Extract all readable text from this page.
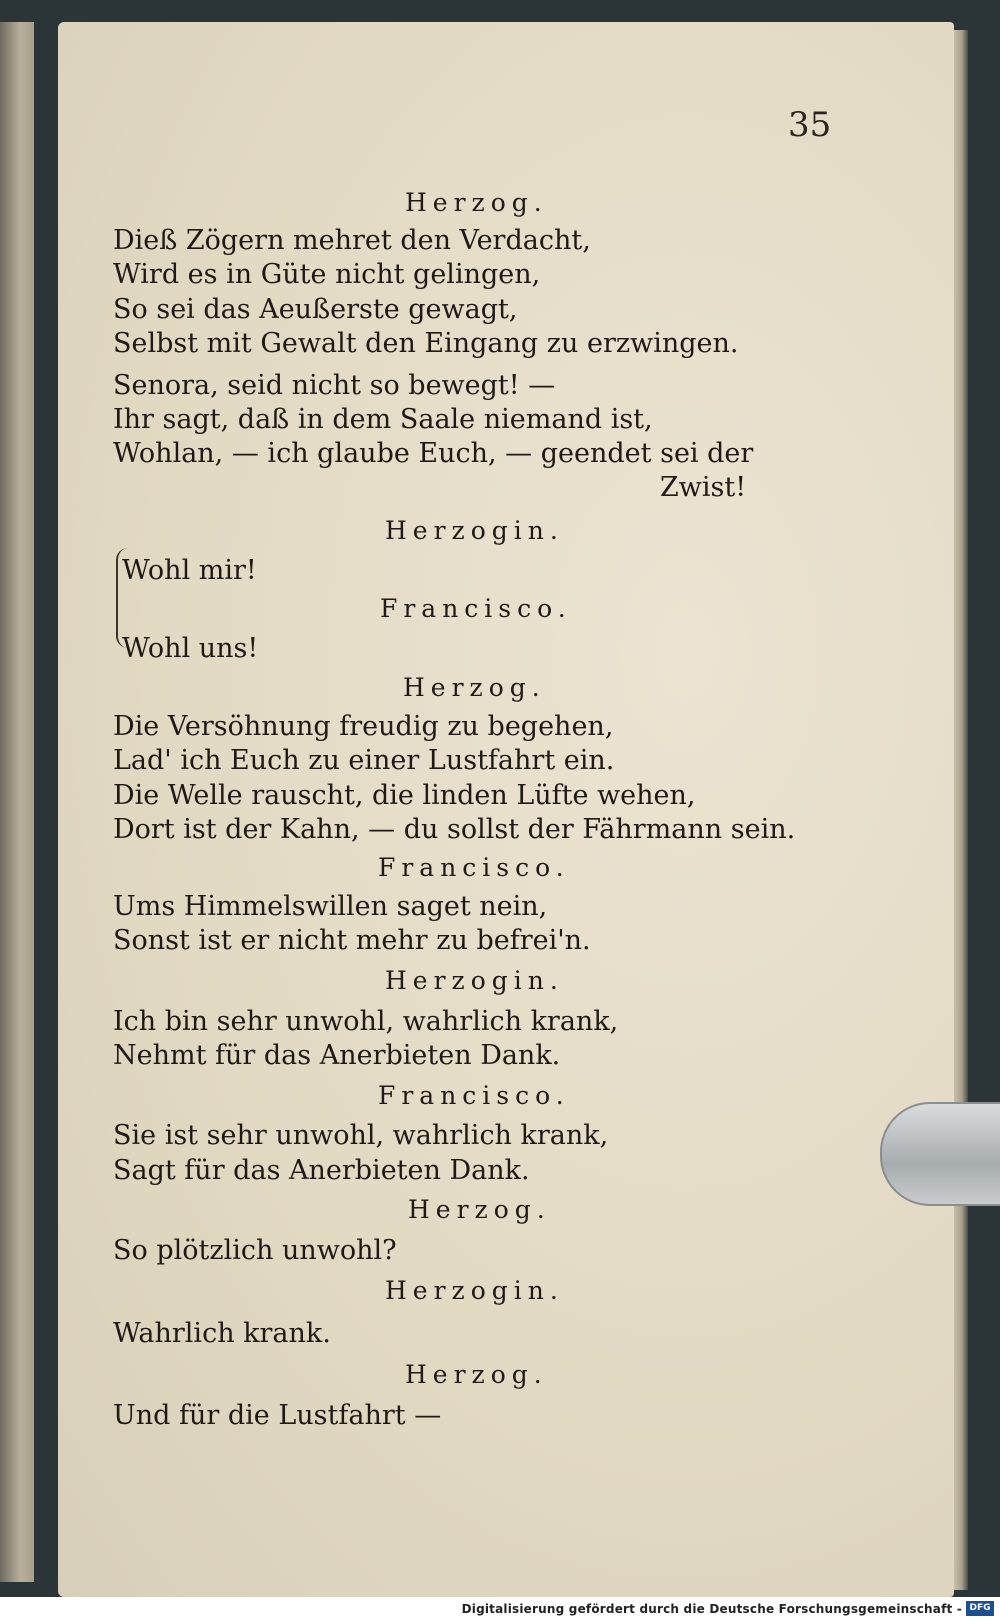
35
Herzog.
Dieß Zögern mehret den Verdacht,
Wird es in Güte nicht gelingen,
So sei das Aeußerste gewagt,
Selbst mit Gewalt den Eingang zu erzwingen.
Senora, seid nicht so bewegt! —
Ihr sagt, daß in dem Saale niemand ist,
Wohlan, — ich glaube Euch, — geendet sei der
Zwist!
Herzogin.
Wohl mir!
Francisco.
Wohl uns!
Herzog.
Die Versöhnung freudig zu begehen,
Lad' ich Euch zu einer Lustfahrt ein.
Die Welle rauscht, die linden Lüfte wehen,
Dort ist der Kahn, — du sollst der Fährmann sein.
Francisco.
Ums Himmelswillen saget nein,
Sonst ist er nicht mehr zu befrei'n.
Herzogin.
Ich bin sehr unwohl, wahrlich krank,
Nehmt für das Anerbieten Dank.
Francisco.
Sie ist sehr unwohl, wahrlich krank,
Sagt für das Anerbieten Dank.
Herzog.
So plötzlich unwohl?
Herzogin.
Wahrlich krank.
Herzog.
Und für die Lustfahrt —
Digitalisierung gefördert durch die Deutsche Forschungsgemeinschaft - DFG
